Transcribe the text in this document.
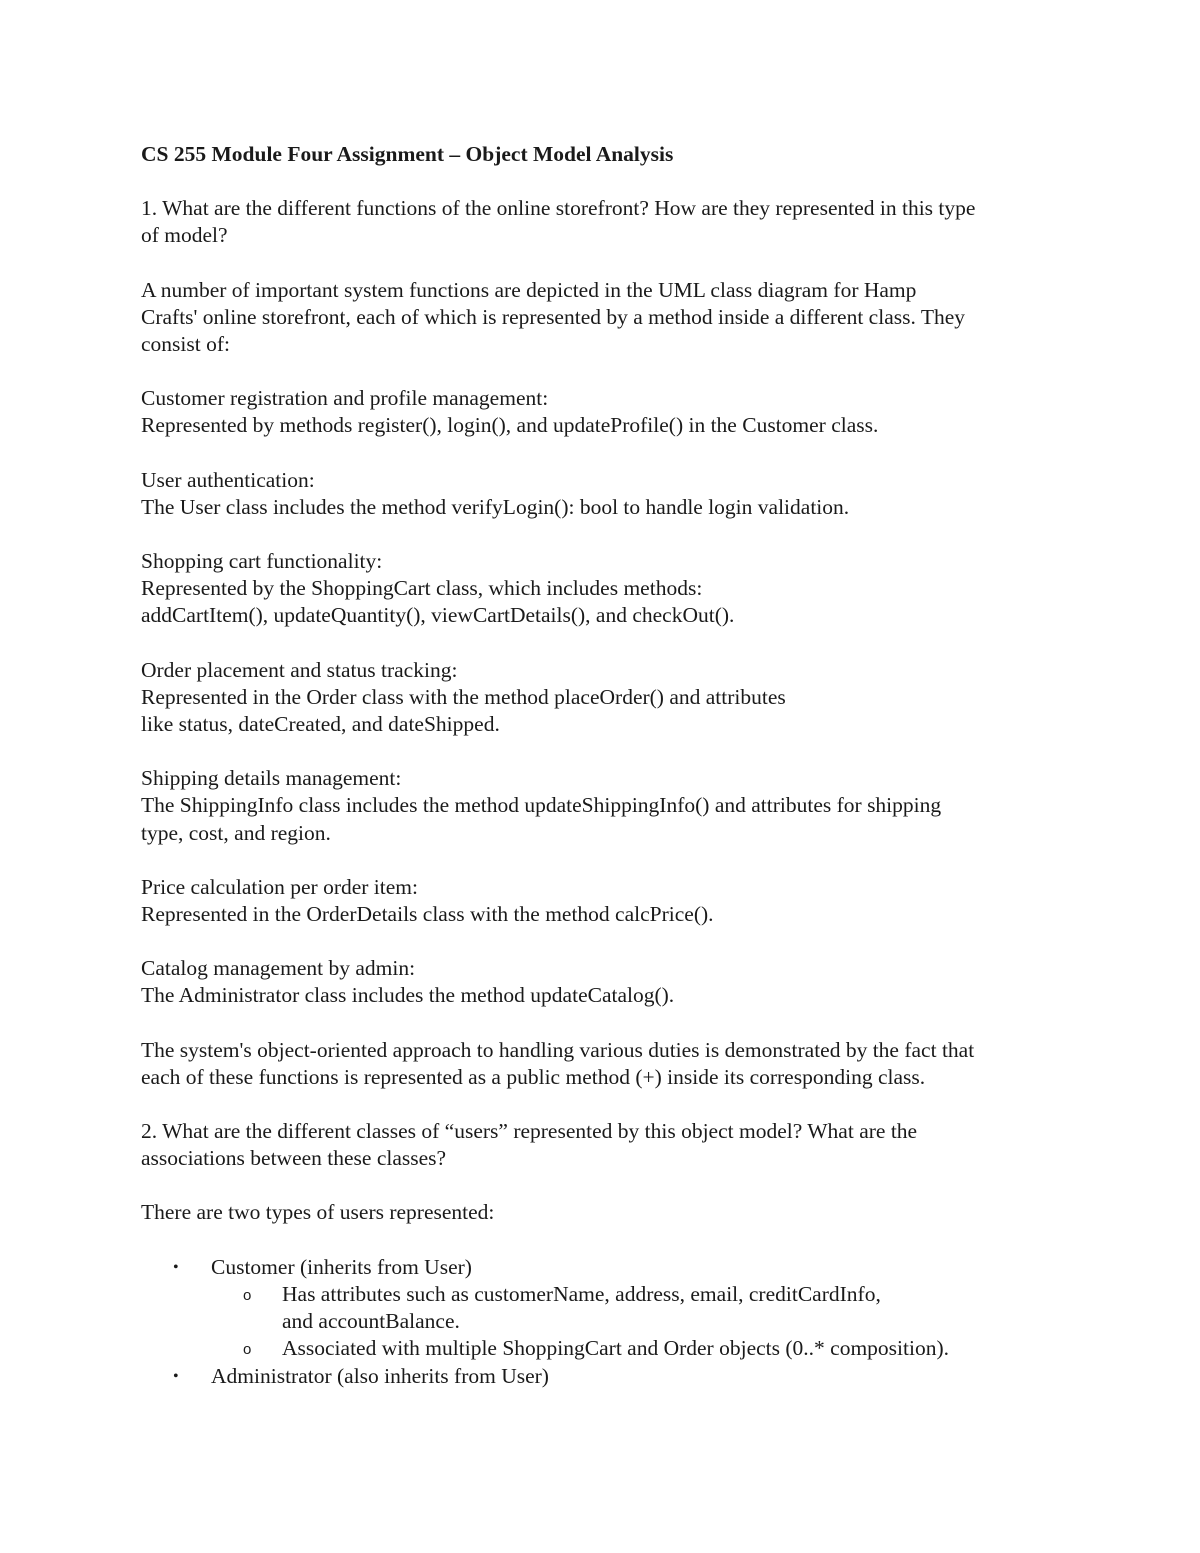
CS 255 Module Four Assignment – Object Model Analysis

1. What are the different functions of the online storefront? How are they represented in this type
of model?

A number of important system functions are depicted in the UML class diagram for Hamp
Crafts' online storefront, each of which is represented by a method inside a different class. They
consist of:

Customer registration and profile management:
Represented by methods register(), login(), and updateProfile() in the Customer class.

User authentication:
The User class includes the method verifyLogin(): bool to handle login validation.

Shopping cart functionality:
Represented by the ShoppingCart class, which includes methods:
addCartItem(), updateQuantity(), viewCartDetails(), and checkOut().

Order placement and status tracking:
Represented in the Order class with the method placeOrder() and attributes
like status, dateCreated, and dateShipped.

Shipping details management:
The ShippingInfo class includes the method updateShippingInfo() and attributes for shipping
type, cost, and region.

Price calculation per order item:
Represented in the OrderDetails class with the method calcPrice().

Catalog management by admin:
The Administrator class includes the method updateCatalog().

The system's object-oriented approach to handling various duties is demonstrated by the fact that
each of these functions is represented as a public method (+) inside its corresponding class.

2. What are the different classes of “users” represented by this object model? What are the
associations between these classes?

There are two types of users represented:

• Customer (inherits from User)
o Has attributes such as customerName, address, email, creditCardInfo,
and accountBalance.
o Associated with multiple ShoppingCart and Order objects (0..* composition).
• Administrator (also inherits from User)
